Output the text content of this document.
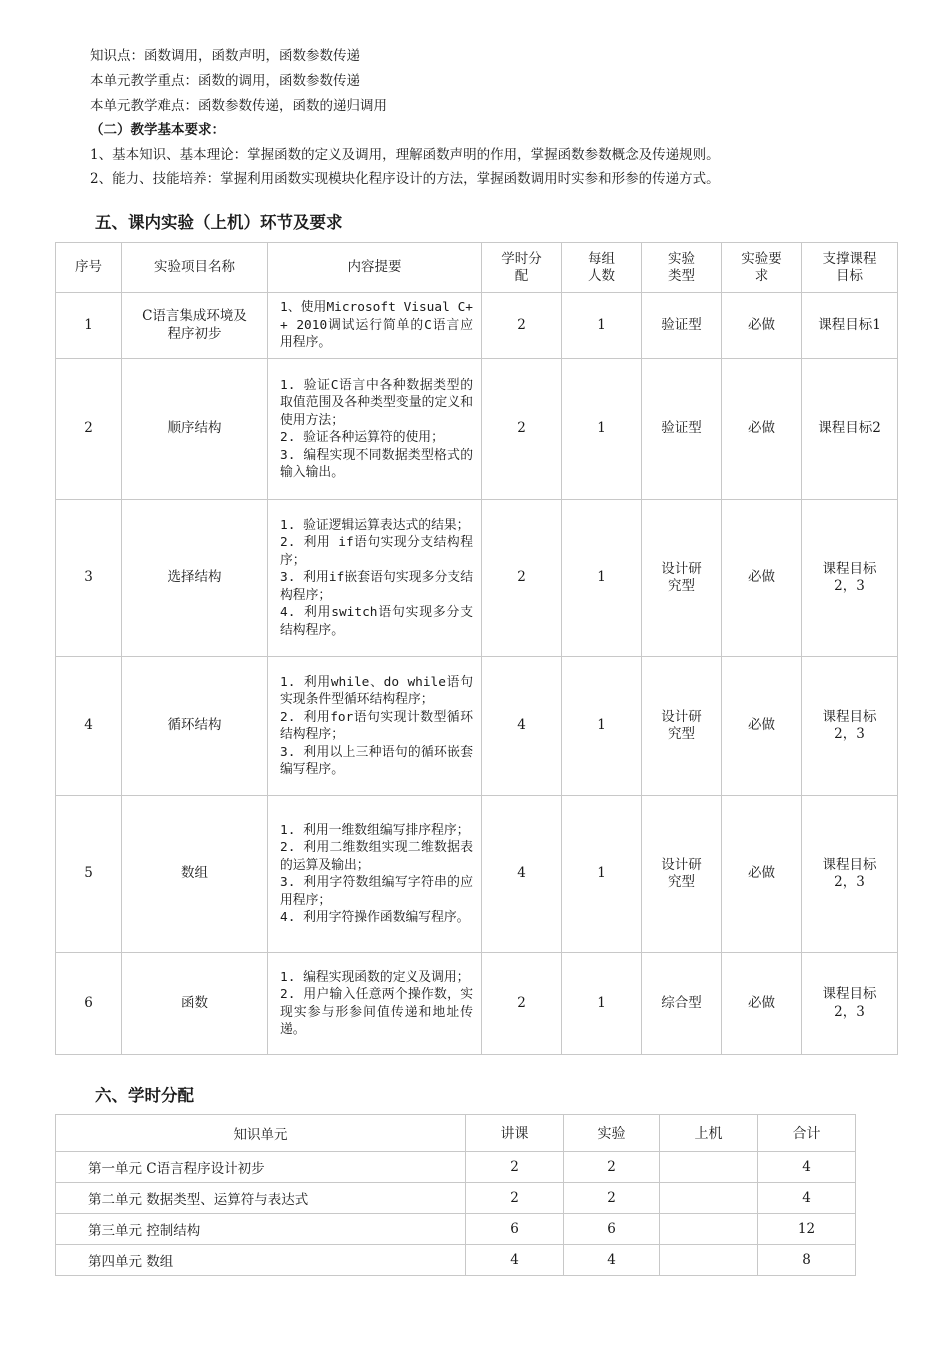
知识点：函数调用，函数声明，函数参数传递
本单元教学重点：函数的调用，函数参数传递
本单元教学难点：函数参数传递，函数的递归调用
（二）教学基本要求：
1、基本知识、基本理论：掌握函数的定义及调用，理解函数声明的作用，掌握函数参数概念及传递规则。
2、能力、技能培养：掌握利用函数实现模块化程序设计的方法，掌握函数调用时实参和形参的传递方式。
五、课内实验（上机）环节及要求
序号	实验项目名称	内容提要	学时分配	每组人数	实验类型	实验要求	支撑课程目标
1	C语言集成环境及程序初步	1、使用Microsoft Visual C++ 2010调试运行简单的C语言应用程序。	2	1	验证型	必做	课程目标1
2	顺序结构	1. 验证C语言中各种数据类型的取值范围及各种类型变量的定义和使用方法；
2. 验证各种运算符的使用；
3. 编程实现不同数据类型格式的输入输出。	2	1	验证型	必做	课程目标2
3	选择结构	1. 验证逻辑运算表达式的结果；
2. 利用 if语句实现分支结构程序；
3. 利用if嵌套语句实现多分支结构程序；
4. 利用switch语句实现多分支结构程序。	2	1	设计研究型	必做	课程目标2，3
4	循环结构	1. 利用while、do while语句实现条件型循环结构程序；
2. 利用for语句实现计数型循环结构程序；
3. 利用以上三种语句的循环嵌套编写程序。	4	1	设计研究型	必做	课程目标2，3
5	数组	1. 利用一维数组编写排序程序；
2. 利用二维数组实现二维数据表的运算及输出；
3. 利用字符数组编写字符串的应用程序；
4. 利用字符操作函数编写程序。	4	1	设计研究型	必做	课程目标2，3
6	函数	1. 编程实现函数的定义及调用；
2. 用户输入任意两个操作数，实现实参与形参间值传递和地址传递。	2	1	综合型	必做	课程目标2，3
六、学时分配
知识单元	讲课	实验	上机	合计
第一单元 C语言程序设计初步	2	2		4
第二单元 数据类型、运算符与表达式	2	2		4
第三单元 控制结构	6	6		12
第四单元 数组	4	4		8
